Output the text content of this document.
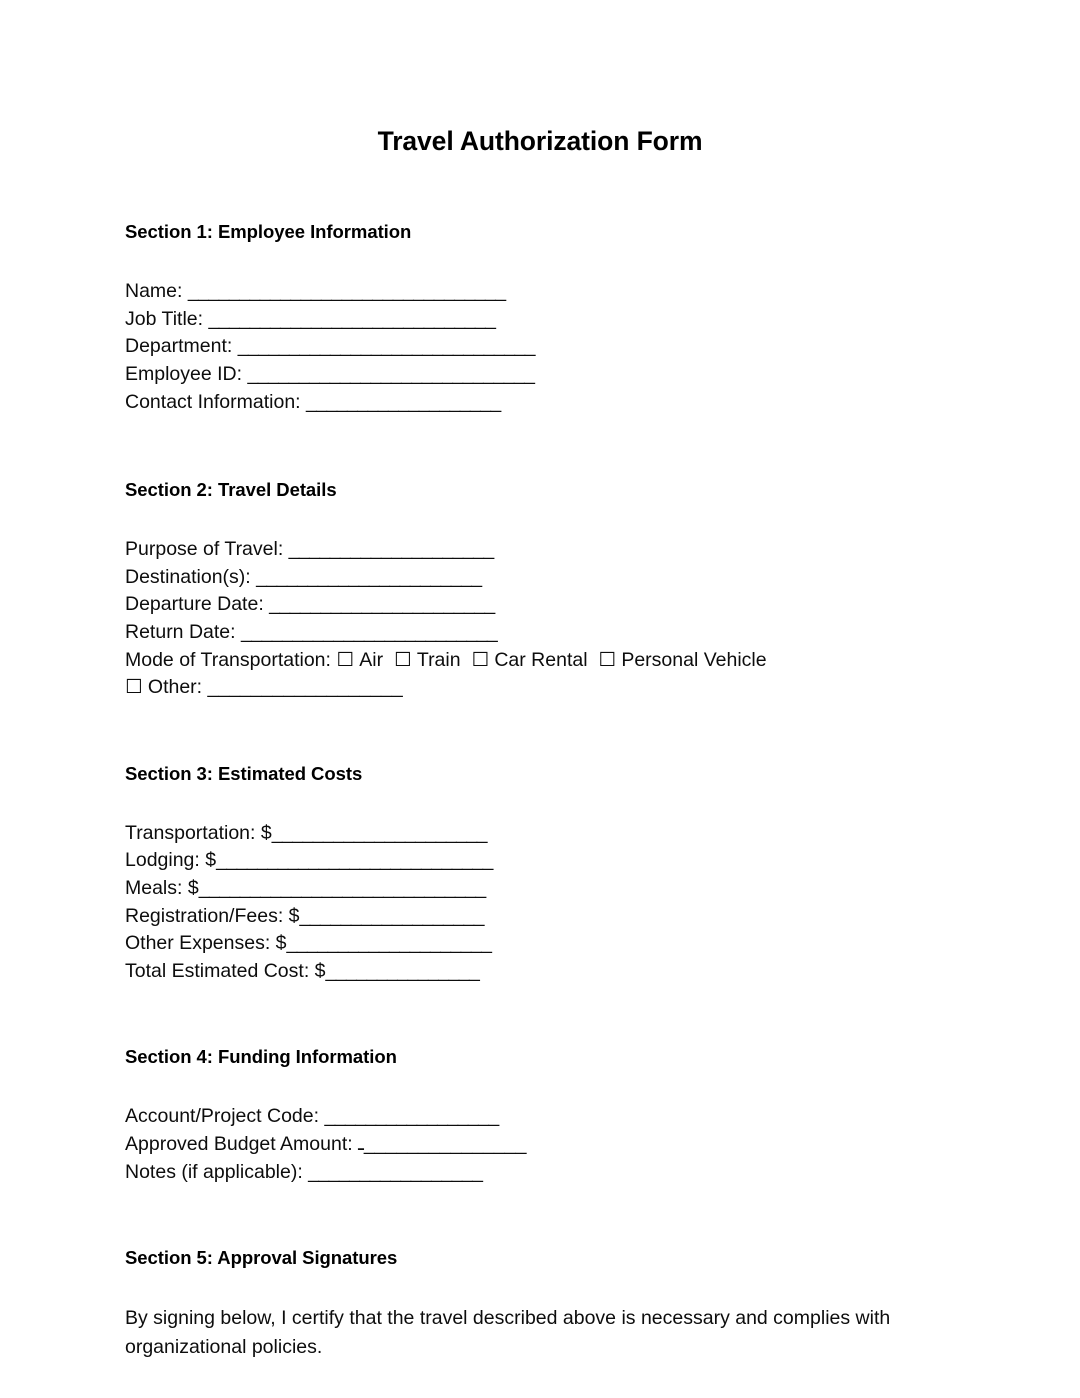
Travel Authorization Form
Section 1: Employee Information
Name: _______________________________
Job Title: ____________________________
Department: _____________________________
Employee ID: ____________________________
Contact Information: ___________________
Section 2: Travel Details
Purpose of Travel: ____________________
Destination(s): ______________________
Departure Date: ______________________
Return Date: _________________________
Mode of Transportation: ☐ Air ☐ Train ☐ Car Rental ☐ Personal Vehicle
☐ Other: __________________
Section 3: Estimated Costs
Transportation: $_____________________
Lodging: $___________________________
Meals: $____________________________
Registration/Fees: $__________________
Other Expenses: $____________________
Total Estimated Cost: $_______________
Section 4: Funding Information
Account/Project Code: _________________
Approved Budget Amount: ـ_______________
Notes (if applicable): _________________
Section 5: Approval Signatures

By signing below, I certify that the travel described above is necessary and complies with organizational policies.
